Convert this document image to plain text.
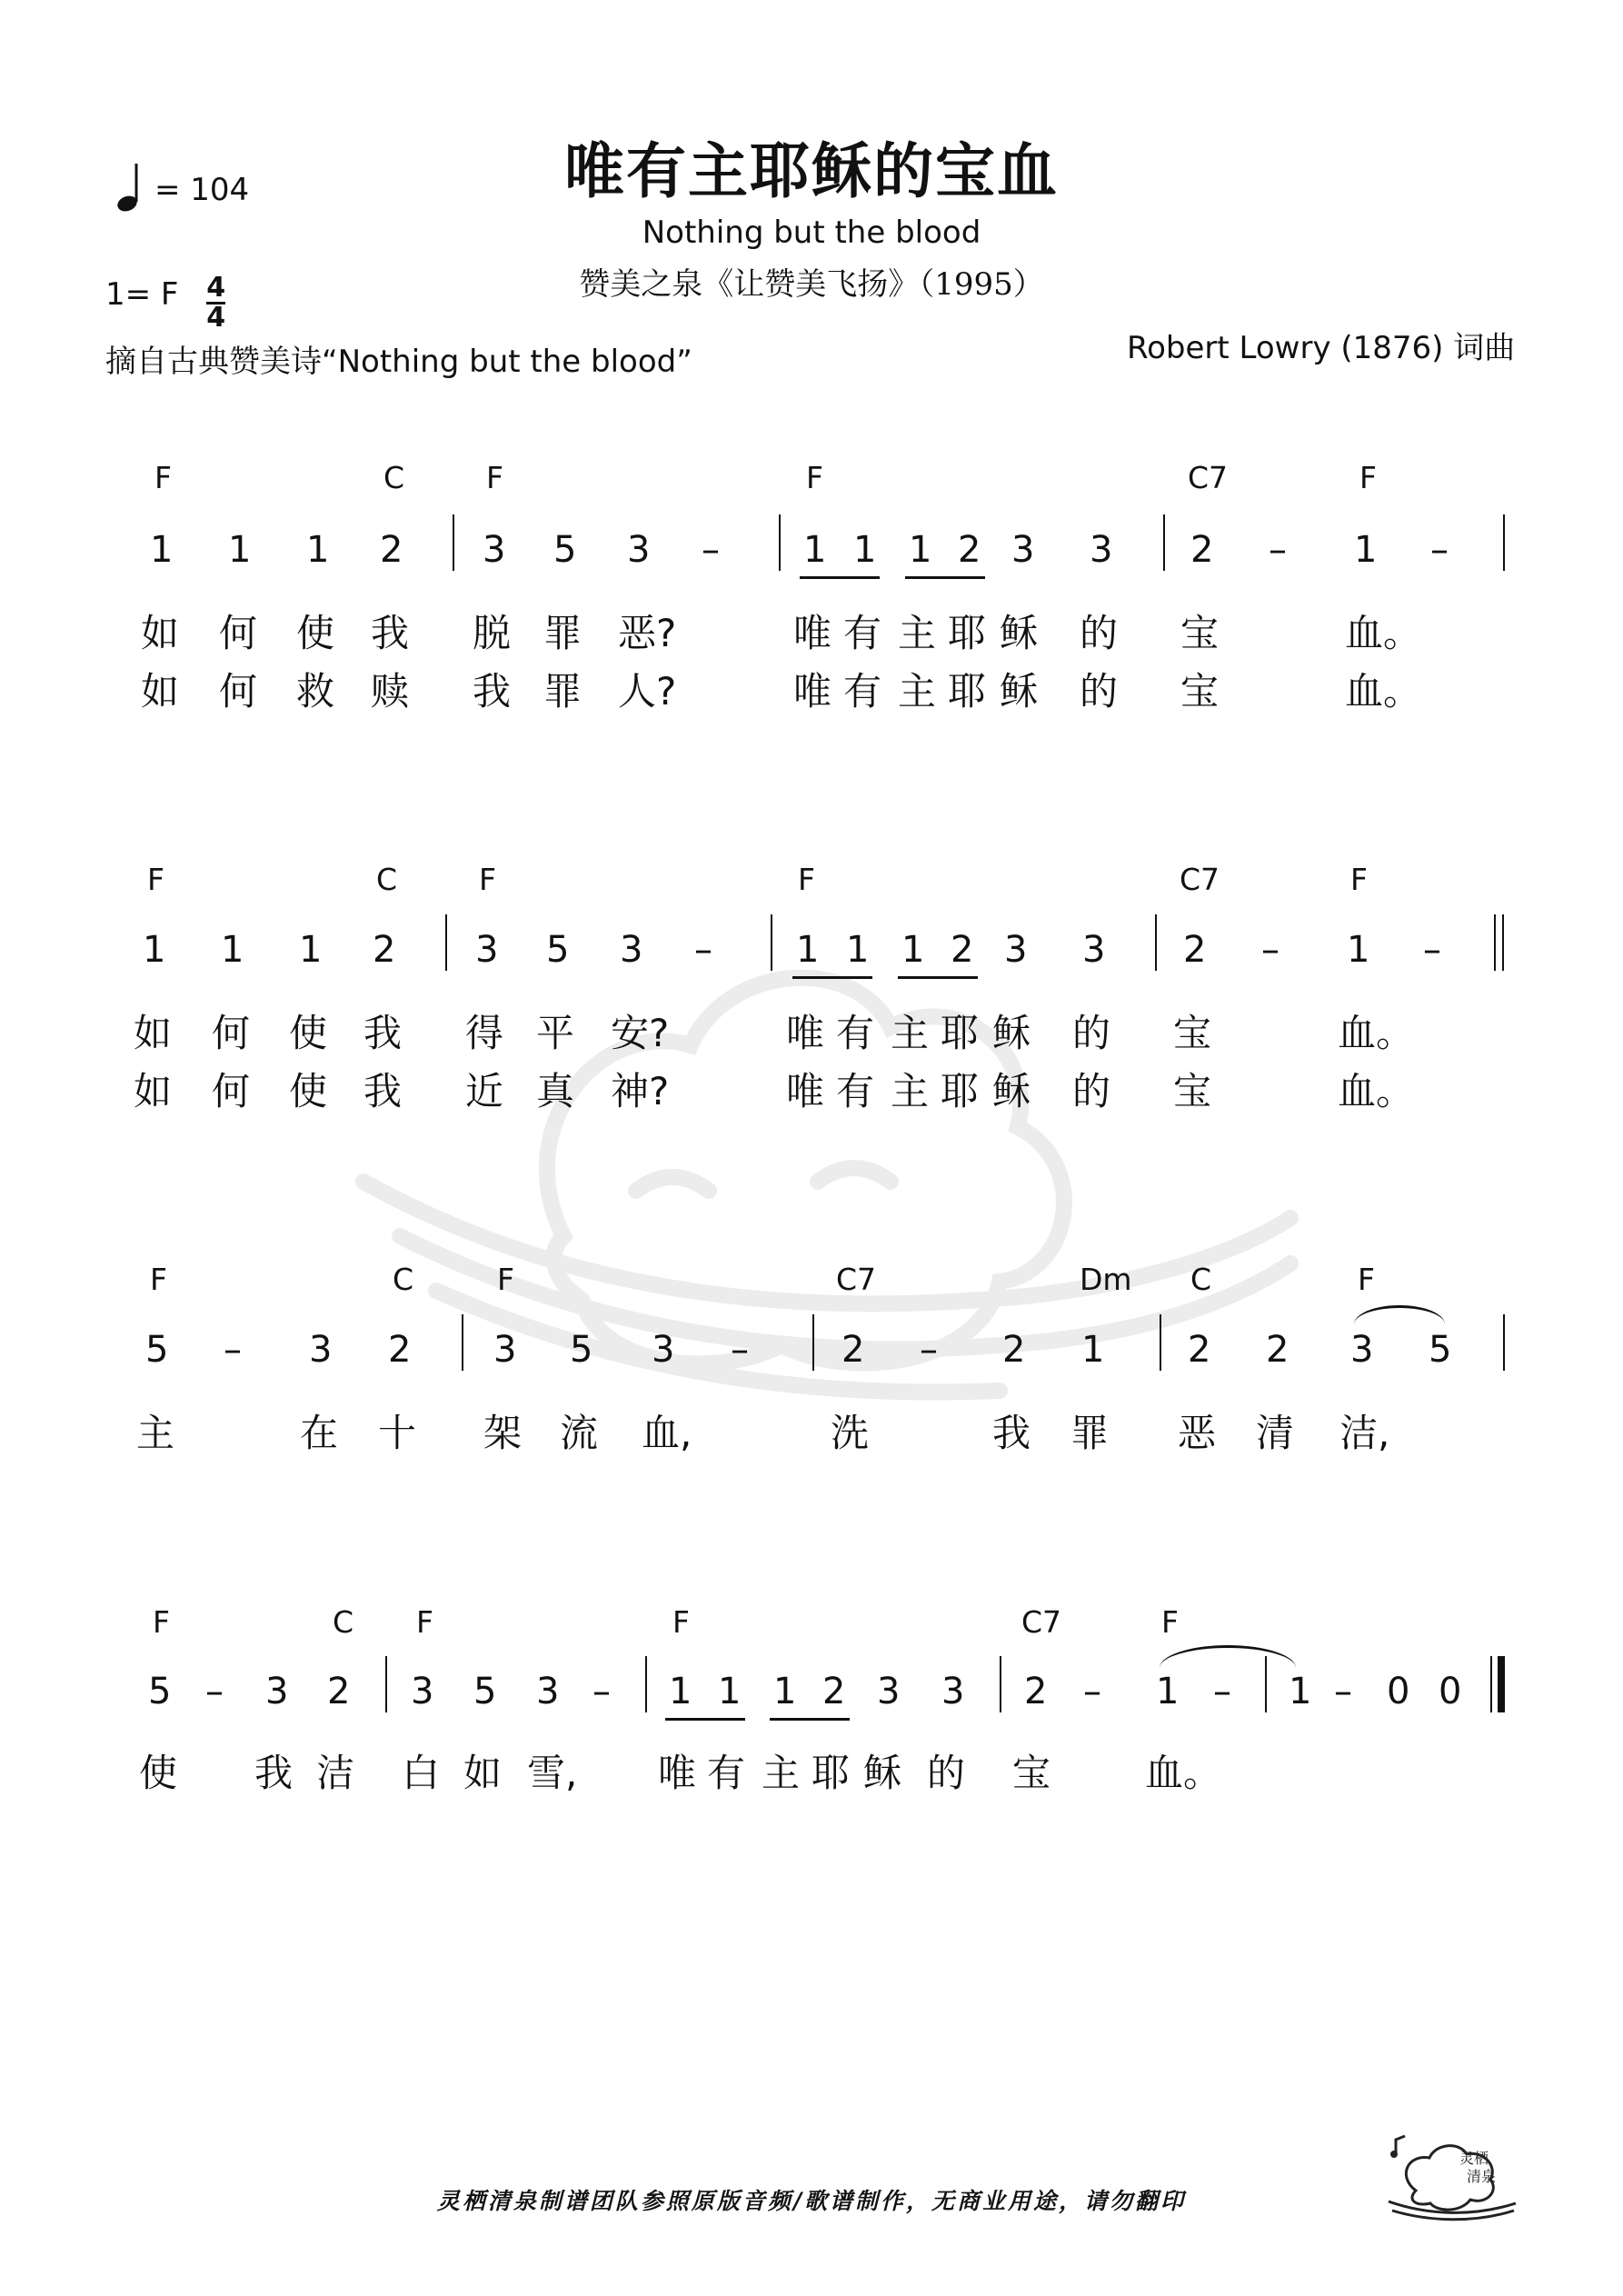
唯有主耶稣的宝血
Nothing but the blood
赞美之泉《让赞美飞扬》（1995）
= 104
1= F $\frac{4}{4}$
摘自古典赞美诗“Nothing but the blood”	Robert Lowry (1876) 词曲
F	C	F	F	C7	F
1 1 1 2 3 5 3 – 1 1 1 2 3 3 2 – 1 –
如 何 使 我 脱 罪 恶?	唯 有 主 耶 稣 的 宝	血。
如 何 救 赎 我 罪 人?	唯 有 主 耶 稣 的 宝	血。
F	C	F	F	C7	F
1 1 1 2 3 5 3 – 1 1 1 2 3 3 2 – 1 –
如 何 使 我 得 平 安?	唯 有 主 耶 稣 的 宝	血。
如 何 使 我 近 真 神?	唯 有 主 耶 稣 的 宝	血。
F	C	F	C7	Dm C	F
5 – 3 2 3 5 3 –	2 – 2 1 2 2 3 5
主	在 十 架 流 血,	洗	我 罪 恶 清 洁,
F	C F	F	C7	F
5 – 3 2 3 5 3 – 1 1 1 2 3 3 2 – 1 – 1 – 0 0
使 我 洁 白 如 雪, 唯 有 主 耶 稣 的 宝 血。
灵栖清泉制谱团队参照原版音频/歌谱制作，无商业用途，请勿翻印
灵栖
清泉
